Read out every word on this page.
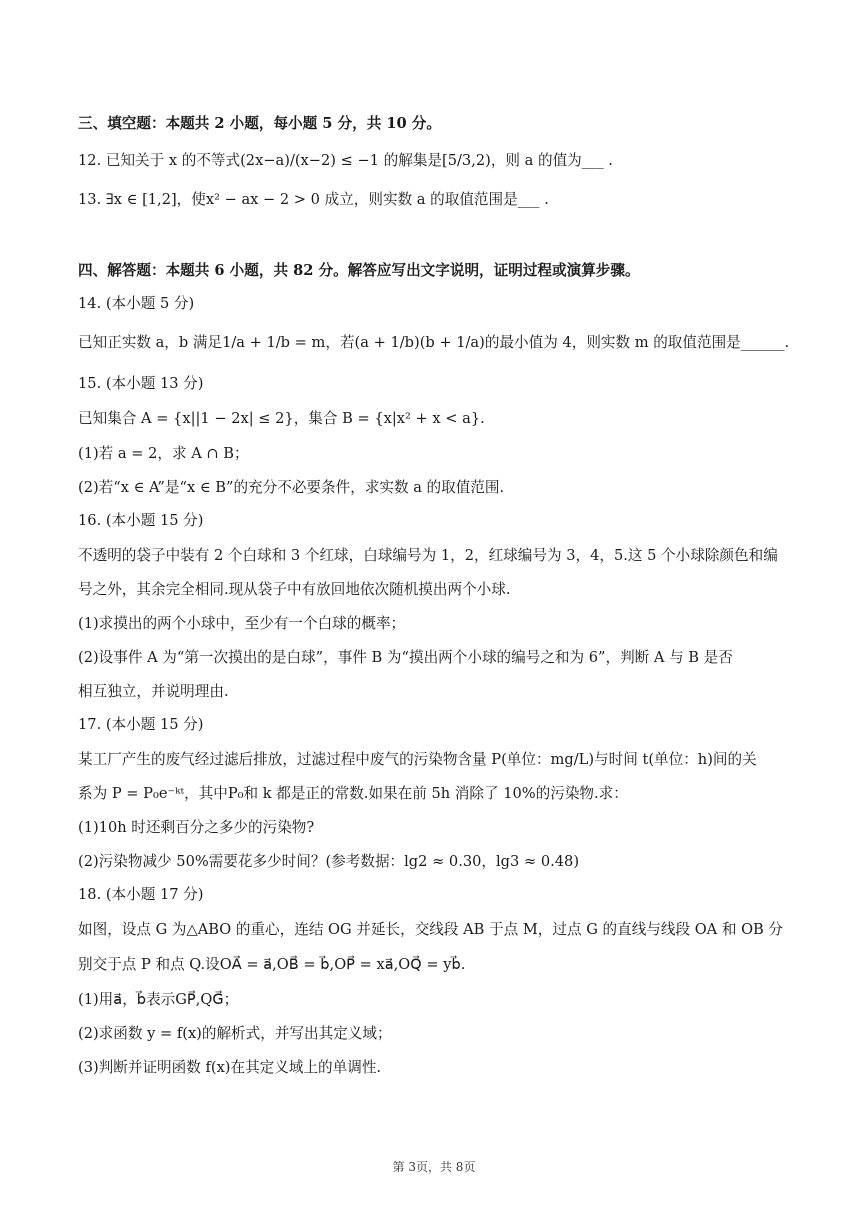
三、填空题：本题共 2 小题，每小题 5 分，共 10 分。
12. 已知关于 x 的不等式(2x−a)/(x−2) ≤ −1 的解集是[5/3,2)，则 a 的值为___ .
13. ∃x ∈ [1,2]，使x² − ax − 2 > 0 成立，则实数 a 的取值范围是___ .
四、解答题：本题共 6 小题，共 82 分。解答应写出文字说明，证明过程或演算步骤。
14. (本小题 5 分)
已知正实数 a，b 满足1/a + 1/b = m，若(a + 1/b)(b + 1/a)的最小值为 4，则实数 m 的取值范围是______.
15. (本小题 13 分)
已知集合 A = {x||1 − 2x| ≤ 2}，集合 B = {x|x² + x < a}.
(1)若 a = 2，求 A ∩ B；
(2)若“x ∈ A”是“x ∈ B”的充分不必要条件，求实数 a 的取值范围.
16. (本小题 15 分)
不透明的袋子中装有 2 个白球和 3 个红球，白球编号为 1，2，红球编号为 3，4，5.这 5 个小球除颜色和编
号之外，其余完全相同.现从袋子中有放回地依次随机摸出两个小球.
(1)求摸出的两个小球中，至少有一个白球的概率；
(2)设事件 A 为“第一次摸出的是白球”，事件 B 为“摸出两个小球的编号之和为 6”，判断 A 与 B 是否
相互独立，并说明理由.
17. (本小题 15 分)
某工厂产生的废气经过滤后排放，过滤过程中废气的污染物含量 P(单位：mg/L)与时间 t(单位：h)间的关
系为 P = P₀e⁻ᵏᵗ，其中P₀和 k 都是正的常数.如果在前 5h 消除了 10%的污染物.求：
(1)10h 时还剩百分之多少的污染物?
(2)污染物减少 50%需要花多少时间？(参考数据：lg2 ≈ 0.30，lg3 ≈ 0.48)
18. (本小题 17 分)
如图，设点 G 为△ABO 的重心，连结 OG 并延长，交线段 AB 于点 M，过点 G 的直线与线段 OA 和 OB 分
别交于点 P 和点 Q.设OA⃗ = a⃗,OB⃗ = b⃗,OP⃗ = xa⃗,OQ⃗ = yb⃗.
(1)用a⃗，b⃗表示GP⃗,QG⃗；
(2)求函数 y = f(x)的解析式，并写出其定义域；
(3)判断并证明函数 f(x)在其定义域上的单调性.
第 3页，共 8页
